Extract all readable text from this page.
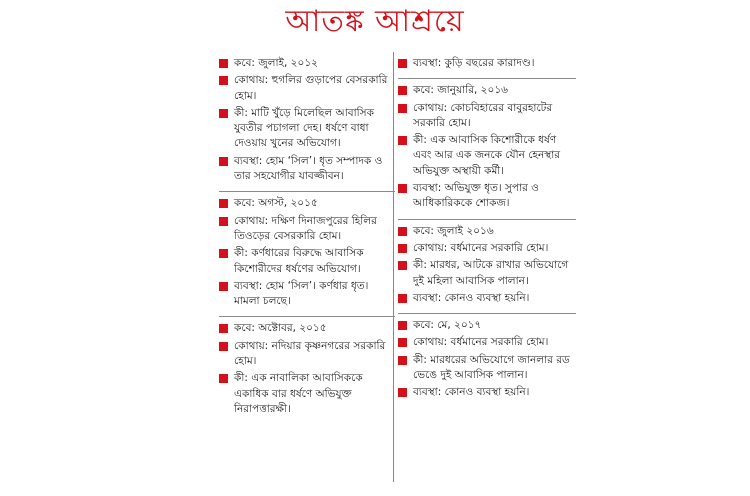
আতঙ্ক আশ্রয়ে
কবে: জুলাই, ২০১২
কোথায়: হুগলির গুড়াপের বেসরকারি হোম।
কী: মাটি খুঁড়ে মিলেছিল আবাসিক যুবতীর পচাগলা দেহ। ধর্ষণে বাধা দেওয়ায় খুনের অভিযোগ।
ব্যবস্থা: হোম ‘সিল’। ধৃত সম্পাদক ও তার সহযোগীর যাবজ্জীবন।
কবে: অগস্ট, ২০১৫
কোথায়: দক্ষিণ দিনাজপুরের হিলির তিওড়ের বেসরকারি হোম।
কী: কর্ণধারের বিরুদ্ধে আবাসিক কিশোরীদের ধর্ষণের অভিযোগ।
ব্যবস্থা: হোম ‘সিল’। কর্ণধার ধৃত। মামলা চলছে।
কবে: অক্টোবর, ২০১৫
কোথায়: নদিয়ার কৃষ্ণনগরের সরকারি হোম।
কী: এক নাবালিকা আবাসিককে একাধিক বার ধর্ষণে অভিযুক্ত নিরাপত্তারক্ষী।
ব্যবস্থা: কুড়ি বছরের কারাদণ্ড।
কবে: জানুয়ারি, ২০১৬
কোথায়: কোচবিহারের বাবুরহাটের সরকারি হোম।
কী: এক আবাসিক কিশোরীকে ধর্ষণ এবং আর এক জনকে যৌন হেনস্থার অভিযুক্ত অস্থায়ী কর্মী।
ব্যবস্থা: অভিযুক্ত ধৃত। সুপার ও আধিকারিককে শোকজ।
কবে: জুলাই ২০১৬
কোথায়: বর্ধমানের সরকারি হোম।
কী: মারধর, আটকে রাখার অভিযোগে দুই মহিলা আবাসিক পালান।
ব্যবস্থা: কোনও ব্যবস্থা হয়নি।
কবে: মে, ২০১৭
কোথায়: বর্ধমানের সরকারি হোম।
কী: মারধরের অভিযোগে জানলার রড ভেঙে দুই আবাসিক পালান।
ব্যবস্থা: কোনও ব্যবস্থা হয়নি।
